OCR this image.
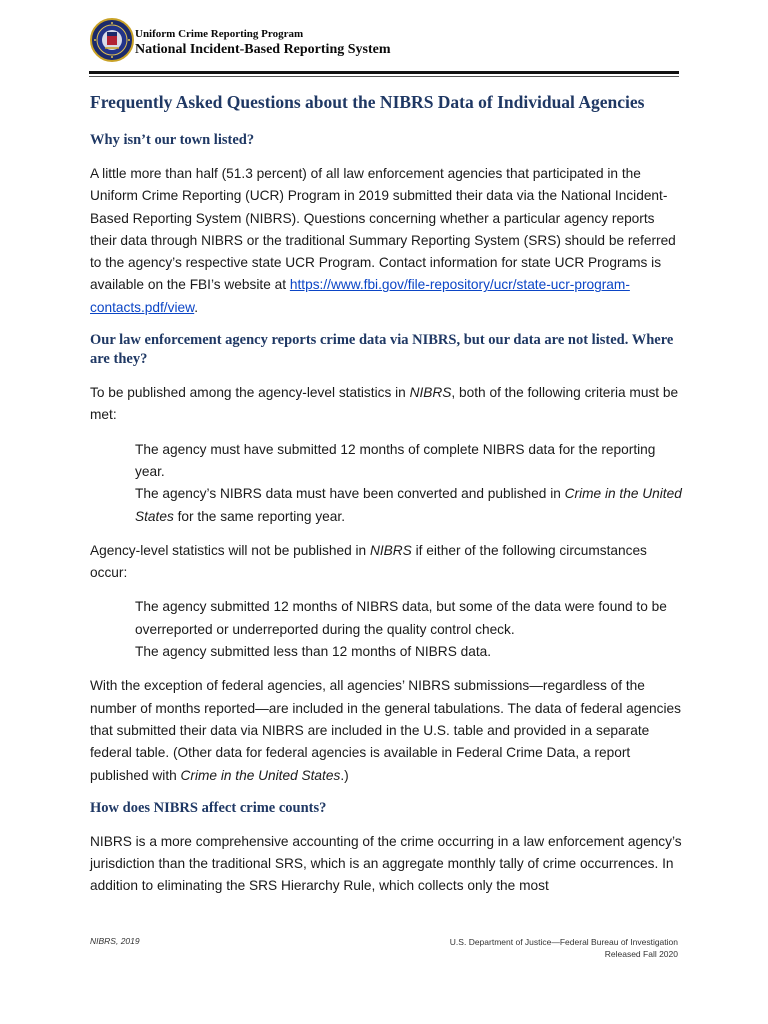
Uniform Crime Reporting Program
National Incident-Based Reporting System
Frequently Asked Questions about the NIBRS Data of Individual Agencies
Why isn’t our town listed?

A little more than half (51.3 percent) of all law enforcement agencies that participated in the Uniform Crime Reporting (UCR) Program in 2019 submitted their data via the National Incident-Based Reporting System (NIBRS). Questions concerning whether a particular agency reports their data through NIBRS or the traditional Summary Reporting System (SRS) should be referred to the agency’s respective state UCR Program. Contact information for state UCR Programs is available on the FBI’s website at https://www.fbi.gov/file-repository/ucr/state-ucr-program-contacts.pdf/view.

Our law enforcement agency reports crime data via NIBRS, but our data are not listed. Where are they?

To be published among the agency-level statistics in NIBRS, both of the following criteria must be met:

The agency must have submitted 12 months of complete NIBRS data for the reporting year.
The agency’s NIBRS data must have been converted and published in Crime in the United States for the same reporting year.

Agency-level statistics will not be published in NIBRS if either of the following circumstances occur:

The agency submitted 12 months of NIBRS data, but some of the data were found to be overreported or underreported during the quality control check.
The agency submitted less than 12 months of NIBRS data.

With the exception of federal agencies, all agencies’ NIBRS submissions—regardless of the number of months reported—are included in the general tabulations. The data of federal agencies that submitted their data via NIBRS are included in the U.S. table and provided in a separate federal table. (Other data for federal agencies is available in Federal Crime Data, a report published with Crime in the United States.)

How does NIBRS affect crime counts?

NIBRS is a more comprehensive accounting of the crime occurring in a law enforcement agency’s jurisdiction than the traditional SRS, which is an aggregate monthly tally of crime occurrences. In addition to eliminating the SRS Hierarchy Rule, which collects only the most

NIBRS, 2019	U.S. Department of Justice—Federal Bureau of Investigation
Released Fall 2020
